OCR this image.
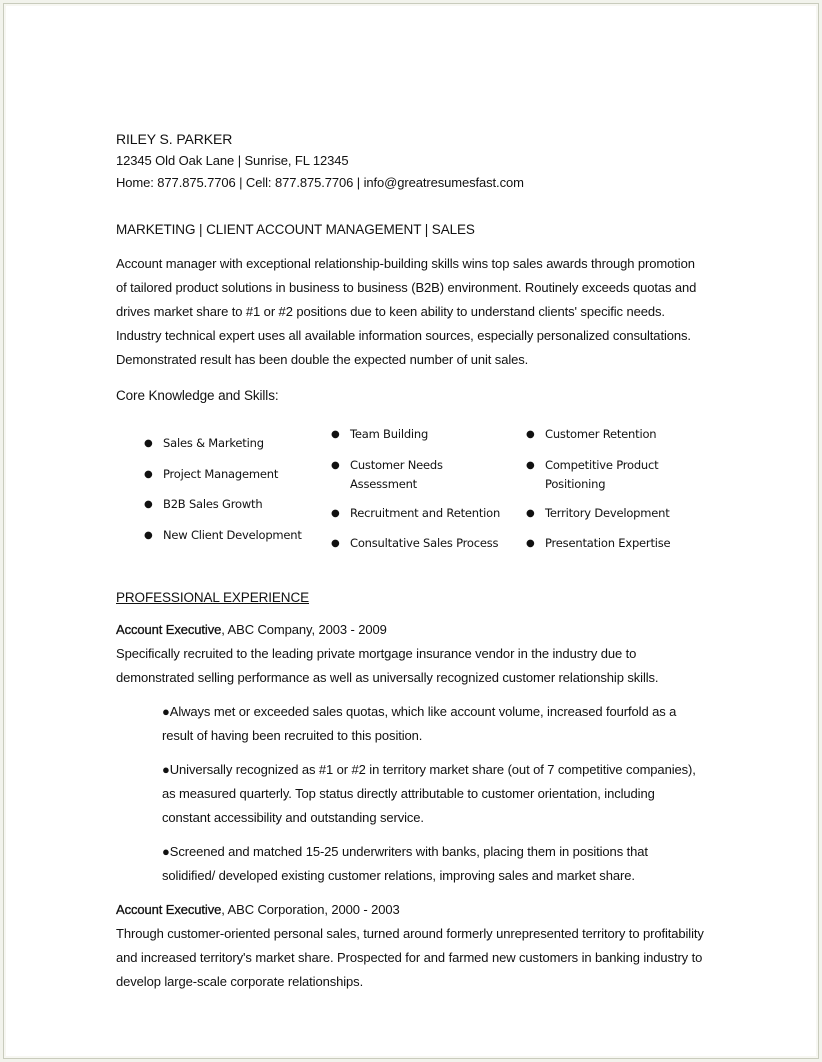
RILEY S. PARKER
12345 Old Oak Lane | Sunrise, FL 12345
Home: 877.875.7706 | Cell: 877.875.7706 | info@greatresumesfast.com
MARKETING | CLIENT ACCOUNT MANAGEMENT | SALES
Account manager with exceptional relationship-building skills wins top sales awards through promotion of tailored product solutions in business to business (B2B) environment. Routinely exceeds quotas and drives market share to #1 or #2 positions due to keen ability to understand clients' specific needs. Industry technical expert uses all available information sources, especially personalized consultations. Demonstrated result has been double the expected number of unit sales.
Core Knowledge and Skills:
● Sales & Marketing
● Project Management
● B2B Sales Growth
● New Client Development
● Team Building
● Customer Needs
Assessment
● Recruitment and Retention
● Consultative Sales Process
● Customer Retention
● Competitive Product
Positioning
● Territory Development
● Presentation Expertise
PROFESSIONAL EXPERIENCE
Account Executive, ABC Company, 2003 - 2009
Specifically recruited to the leading private mortgage insurance vendor in the industry due to demonstrated selling performance as well as universally recognized customer relationship skills.
●Always met or exceeded sales quotas, which like account volume, increased fourfold as a result of having been recruited to this position.
●Universally recognized as #1 or #2 in territory market share (out of 7 competitive companies), as measured quarterly. Top status directly attributable to customer orientation, including constant accessibility and outstanding service.
●Screened and matched 15-25 underwriters with banks, placing them in positions that solidified/ developed existing customer relations, improving sales and market share.
Account Executive, ABC Corporation, 2000 - 2003
Through customer-oriented personal sales, turned around formerly unrepresented territory to profitability and increased territory's market share. Prospected for and farmed new customers in banking industry to develop large-scale corporate relationships.
